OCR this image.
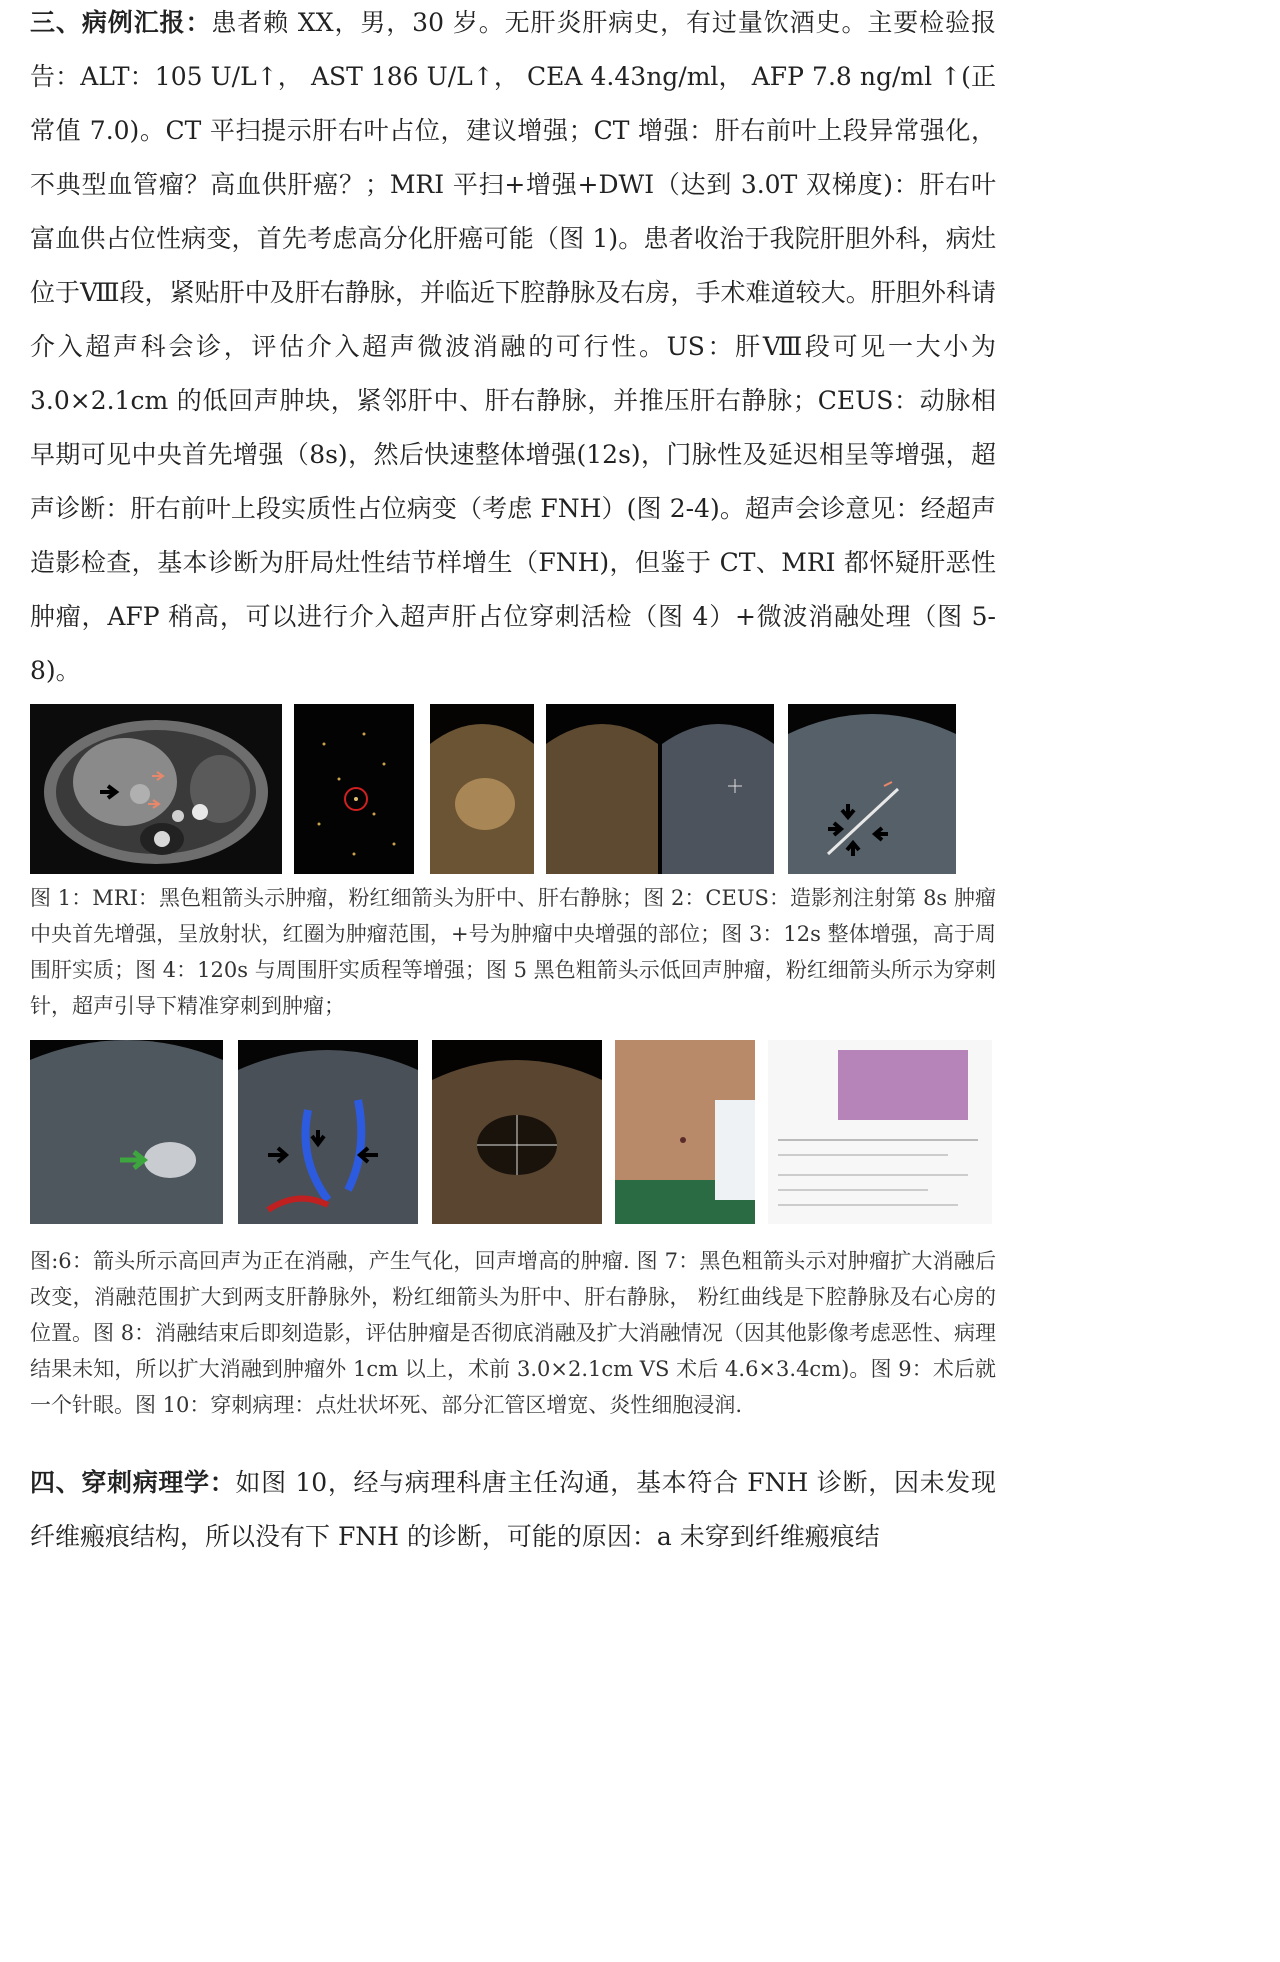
三、病例汇报：患者赖 XX，男，30 岁。无肝炎肝病史，有过量饮酒史。主要检验报告：ALT：105 U/L↑， AST 186 U/L↑， CEA 4.43ng/ml， AFP 7.8 ng/ml ↑(正常值 7.0)。CT 平扫提示肝右叶占位，建议增强；CT 增强：肝右前叶上段异常强化，不典型血管瘤？高血供肝癌？；MRI 平扫+增强+DWI（达到 3.0T 双梯度)：肝右叶富血供占位性病变，首先考虑高分化肝癌可能（图 1)。患者收治于我院肝胆外科，病灶位于Ⅷ段，紧贴肝中及肝右静脉，并临近下腔静脉及右房，手术难道较大。肝胆外科请介入超声科会诊，评估介入超声微波消融的可行性。US：肝Ⅷ段可见一大小为 3.0×2.1cm 的低回声肿块，紧邻肝中、肝右静脉，并推压肝右静脉；CEUS：动脉相早期可见中央首先增强（8s)，然后快速整体增强(12s)，门脉性及延迟相呈等增强，超声诊断：肝右前叶上段实质性占位病变（考虑 FNH）(图 2-4)。超声会诊意见：经超声造影检查，基本诊断为肝局灶性结节样增生（FNH)，但鉴于 CT、MRI 都怀疑肝恶性肿瘤，AFP 稍高，可以进行介入超声肝占位穿刺活检（图 4）+微波消融处理（图 5-8)。

图 1：MRI：黑色粗箭头示肿瘤，粉红细箭头为肝中、肝右静脉；图 2：CEUS：造影剂注射第 8s 肿瘤中央首先增强，呈放射状，红圈为肿瘤范围，+号为肿瘤中央增强的部位；图 3：12s 整体增强，高于周围肝实质；图 4：120s 与周围肝实质程等增强；图 5 黑色粗箭头示低回声肿瘤，粉红细箭头所示为穿刺针，超声引导下精准穿刺到肿瘤；

图:6：箭头所示高回声为正在消融，产生气化，回声增高的肿瘤. 图 7：黑色粗箭头示对肿瘤扩大消融后改变，消融范围扩大到两支肝静脉外，粉红细箭头为肝中、肝右静脉， 粉红曲线是下腔静脉及右心房的位置。图 8：消融结束后即刻造影，评估肿瘤是否彻底消融及扩大消融情况（因其他影像考虑恶性、病理结果未知，所以扩大消融到肿瘤外 1cm 以上，术前 3.0×2.1cm VS 术后 4.6×3.4cm)。图 9：术后就一个针眼。图 10：穿刺病理：点灶状坏死、部分汇管区增宽、炎性细胞浸润.

四、穿刺病理学：如图 10，经与病理科唐主任沟通，基本符合 FNH 诊断，因未发现纤维瘢痕结构，所以没有下 FNH 的诊断，可能的原因：a 未穿到纤维瘢痕结
